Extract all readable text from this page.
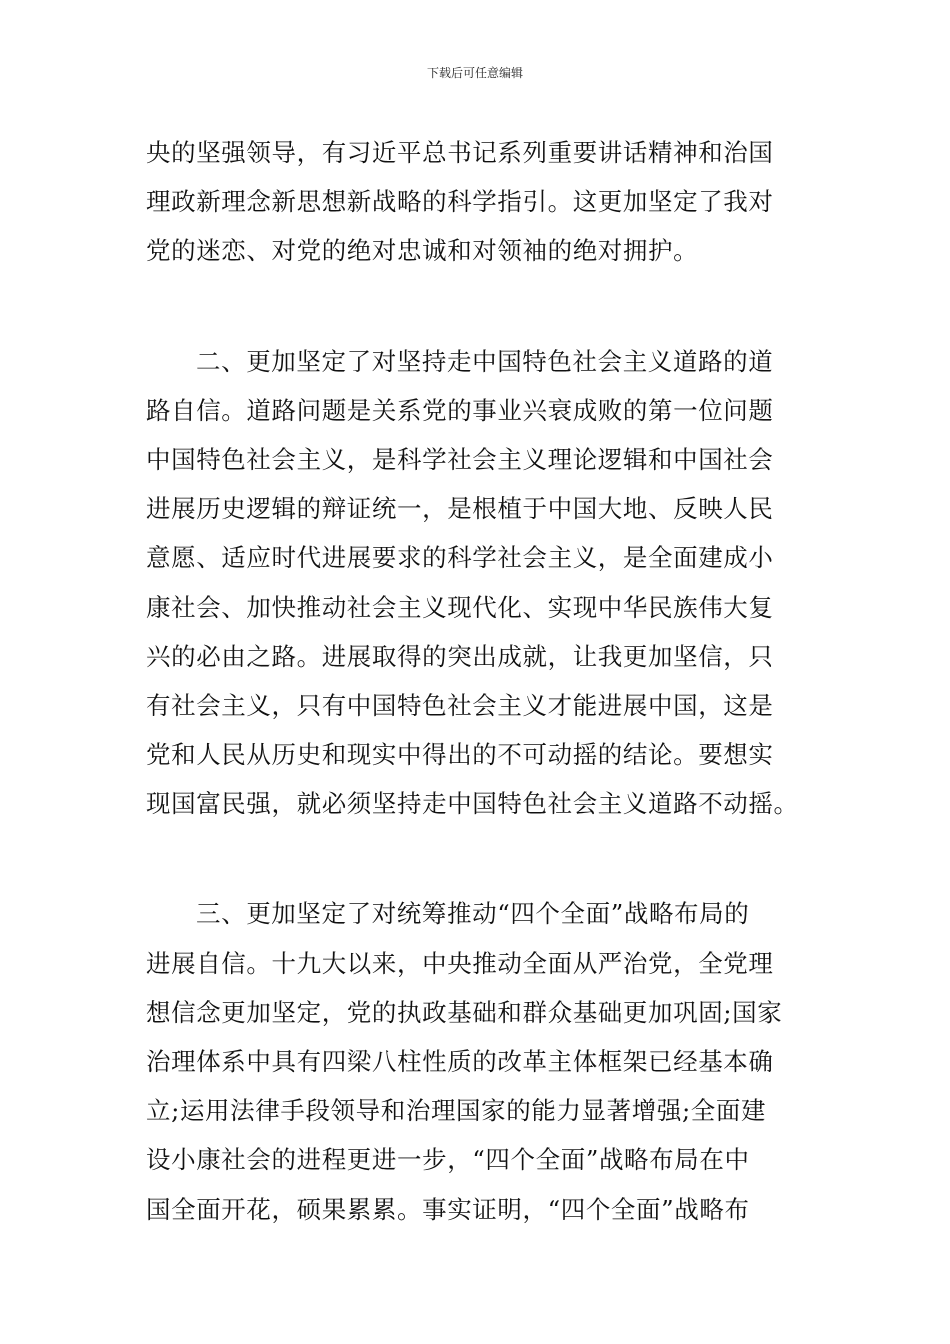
下载后可任意编辑
央的坚强领导，有习近平总书记系列重要讲话精神和治国
理政新理念新思想新战略的科学指引。这更加坚定了我对
党的迷恋、对党的绝对忠诚和对领袖的绝对拥护。
二、更加坚定了对坚持走中国特色社会主义道路的道
路自信。道路问题是关系党的事业兴衰成败的第一位问题
中国特色社会主义，是科学社会主义理论逻辑和中国社会
进展历史逻辑的辩证统一，是根植于中国大地、反映人民
意愿、适应时代进展要求的科学社会主义，是全面建成小
康社会、加快推动社会主义现代化、实现中华民族伟大复
兴的必由之路。进展取得的突出成就，让我更加坚信，只
有社会主义，只有中国特色社会主义才能进展中国，这是
党和人民从历史和现实中得出的不可动摇的结论。要想实
现国富民强，就必须坚持走中国特色社会主义道路不动摇。
三、更加坚定了对统筹推动“四个全面”战略布局的
进展自信。十九大以来，中央推动全面从严治党，全党理
想信念更加坚定，党的执政基础和群众基础更加巩固;国家
治理体系中具有四梁八柱性质的改革主体框架已经基本确
立;运用法律手段领导和治理国家的能力显著增强;全面建
设小康社会的进程更进一步，“四个全面”战略布局在中
国全面开花，硕果累累。事实证明，“四个全面”战略布
